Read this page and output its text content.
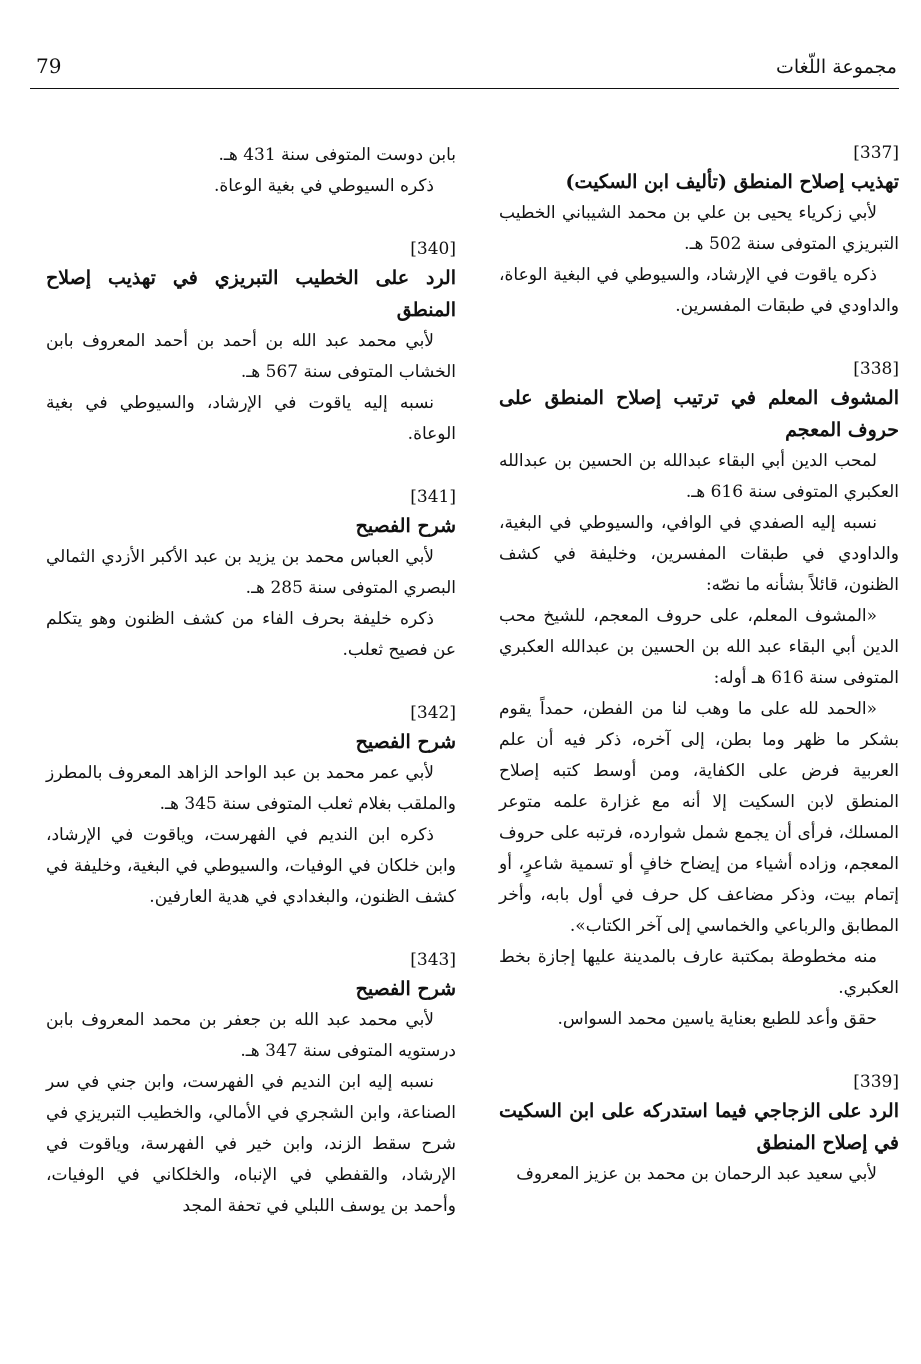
79	مجموعة اللّغات

[337]

تهذيب إصلاح المنطق (تأليف ابن السكيت)

لأبي زكرياء يحيى بن علي بن محمد الشيباني الخطيب التبريزي المتوفى سنة 502 هـ.

ذكره ياقوت في الإرشاد، والسيوطي في البغية الوعاة، والداودي في طبقات المفسرين.

[338]

المشوف المعلم في ترتيب إصلاح المنطق على حروف المعجم

لمحب الدين أبي البقاء عبدالله بن الحسين بن عبدالله العكبري المتوفى سنة 616 هـ.

نسبه إليه الصفدي في الوافي، والسيوطي في البغية، والداودي في طبقات المفسرين، وخليفة في كشف الظنون، قائلاً بشأنه ما نصّه:

«المشوف المعلم، على حروف المعجم، للشيخ محب الدين أبي البقاء عبد الله بن الحسين بن عبدالله العكبري المتوفى سنة 616 هـ أوله:

«الحمد لله على ما وهب لنا من الفطن، حمداً يقوم بشكر ما ظهر وما بطن، إلى آخره، ذكر فيه أن علم العربية فرض على الكفاية، ومن أوسط كتبه إصلاح المنطق لابن السكيت إلا أنه مع غزارة علمه متوعر المسلك، فرأى أن يجمع شمل شوارده، فرتبه على حروف المعجم، وزاده أشياء من إيضاح خافٍ أو تسمية شاعرٍ، أو إتمام بيت، وذكر مضاعف كل حرف في أول بابه، وأخر المطابق والرباعي والخماسي إلى آخر الكتاب».

منه مخطوطة بمكتبة عارف بالمدينة عليها إجازة بخط العكبري.

حقق وأعد للطبع بعناية ياسين محمد السواس.

[339]

الرد على الزجاجي فيما استدركه على ابن السكيت في إصلاح المنطق

لأبي سعيد عبد الرحمان بن محمد بن عزيز المعروف

بابن دوست المتوفى سنة 431 هـ.

ذكره السيوطي في بغية الوعاة.

[340]

الرد على الخطيب التبريزي في تهذيب إصلاح المنطق

لأبي محمد عبد الله بن أحمد بن أحمد المعروف بابن الخشاب المتوفى سنة 567 هـ.

نسبه إليه ياقوت في الإرشاد، والسيوطي في بغية الوعاة.

[341]

شرح الفصيح

لأبي العباس محمد بن يزيد بن عبد الأكبر الأزدي الثمالي البصري المتوفى سنة 285 هـ.

ذكره خليفة بحرف الفاء من كشف الظنون وهو يتكلم عن فصيح ثعلب.

[342]

شرح الفصيح

لأبي عمر محمد بن عبد الواحد الزاهد المعروف بالمطرز والملقب بغلام ثعلب المتوفى سنة 345 هـ.

ذكره ابن النديم في الفهرست، وياقوت في الإرشاد، وابن خلكان في الوفيات، والسيوطي في البغية، وخليفة في كشف الظنون، والبغدادي في هدية العارفين.

[343]

شرح الفصيح

لأبي محمد عبد الله بن جعفر بن محمد المعروف بابن درستويه المتوفى سنة 347 هـ.

نسبه إليه ابن النديم في الفهرست، وابن جني في سر الصناعة، وابن الشجري في الأمالي، والخطيب التبريزي في شرح سقط الزند، وابن خير في الفهرسة، وياقوت في الإرشاد، والقفطي في الإنباه، والخلكاني في الوفيات، وأحمد بن يوسف اللبلي في تحفة المجد
